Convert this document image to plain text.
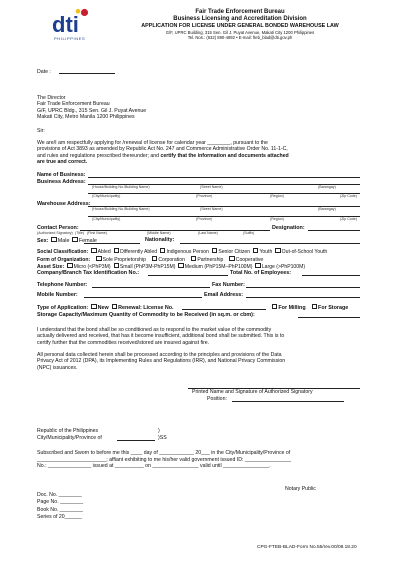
dti
PHILIPPINES
Fair Trade Enforcement Bureau
Business Licensing and Accreditation Division
APPLICATION FOR LICENSE UNDER GENERAL BONDED WAREHOUSE LAW
G/F, UPRC Building, 315 Sen. Gil J. Puyat Avenue, Makati City 1200 Philippines
Tel. Nos.: (632) 890-4892 • E-mail: fteb_blad@dti.gov.ph
Date :
The Director
Fair Trade Enforcement Bureau
G/F, UPRC Bldg., 315 Sen. Gil J. Puyat Avenue
Makati City, Metro Manila 1200 Philippines
Sir:
We are/I am respectfully applying for /renewal of license for calendar year ________, pursuant to the
provisions of Act 3893 as amended by Republic Act No. 247 and Commerce Administrative Order No. 11-1-C,
and rules and regulations prescribed thereunder; and certify that the information and documents attached
are true and correct.
Name of Business:
Business Address:
(House/Building No./Building Name)	(Street Name)	(Barangay)
(City/Municipality)	(Province)	(Region)	(Zip Code)
Warehouse Address:
(House/Building No./Building Name)	(Street Name)	(Barangay)
(City/Municipality)	(Province)	(Region)	(Zip Code)
Contact Person:	Designation:
(Authorized Signatory) (Title) (First Name)	(Middle Name)	(Last Name)	(Suffix)
Sex:	Male	Female	Nationality:
Social Classification:	Abled	Differently Abled	Indigenous Person	Senior Citizen	Youth	Out-of-School Youth
Form of Organization:	Sole Proprietorship	Corporation	Partnership	Cooperative
Asset Size:	Micro (<PhP3M)	Small (PhP3M-PhP15M)	Medium (PhP15M–PhP100M)	Large (>PhP100M)
Company/Branch Tax Identification No.:	Total No. of Employees:
Telephone Number:	Fax Number:
Mobile Number:	Email Address:
Type of Application:	New	Renewal: License No.	For Milling	For Storage
Storage Capacity/Maximum Quantity of Commodity to be Received (in sq.m. or cbm):
I understand that the bond shall be so conditioned as to respond to the market value of the commodity
actually delivered and received, that has it become insufficient, additional bond shall be submitted. This is to
certify further that the commodities received/stored are insured against fire.
All personal data collected herein shall be processed according to the principles and provisions of the Data
Privacy Act of 2012 (DPA), its Implementing Rules and Regulations (IRR), and National Privacy Commission
(NPC) issuances.
Printed Name and Signature of Authorized Signatory
Position:
Republic of the Philippines	)
City/Municipality/Province of	)SS
Subscribed and Sworn to before me this ____ day of ____________ 20___ in the City/Municipality/Province of
________________________; affiant exhibiting to me his/her valid government issued ID: ________________
No.: _______________ issued at __________ on ________________ valid until ________________.
Notary Public
Doc. No. ________
Page No. ________
Book No. ________
Series of 20______
CPG-FTEB-BLAD-Form No.55/rev.00/08.18.20
